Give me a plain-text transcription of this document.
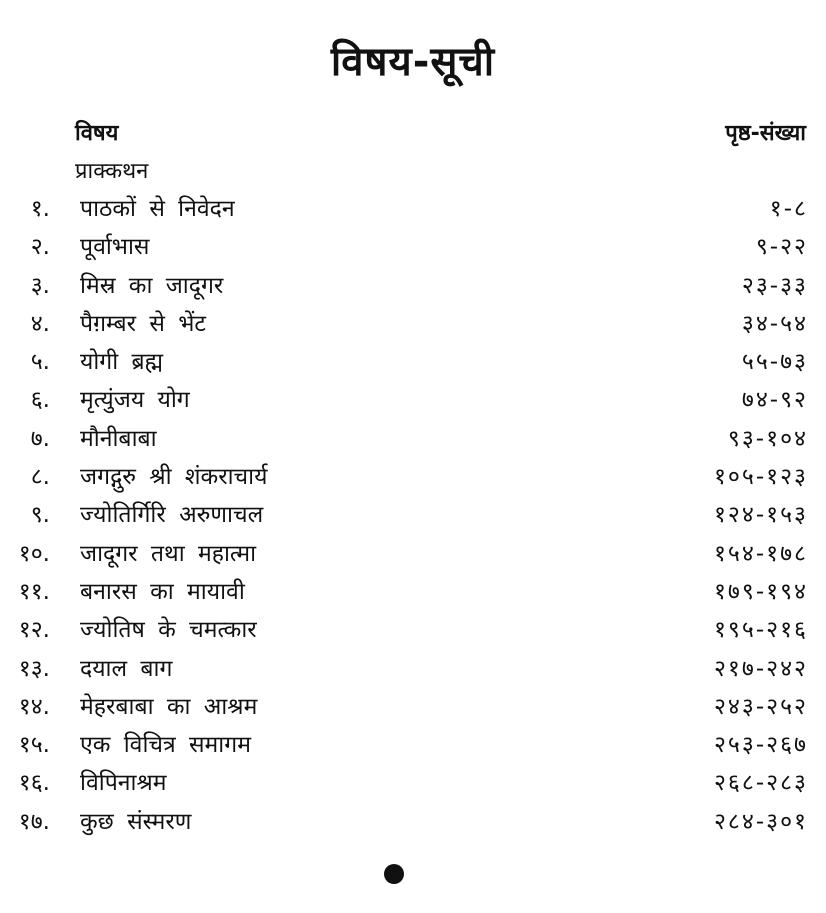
विषय-सूची
विषय	पृष्ठ-संख्या
प्राक्कथन
१. पाठकों से निवेदन	१-८
२. पूर्वाभास	९-२२
३. मिस्र का जादूगर	२३-३३
४. पैग़म्बर से भेंट	३४-५४
५. योगी ब्रह्म	५५-७३
६. मृत्युंजय योग	७४-९२
७. मौनीबाबा	९३-१०४
८. जगद्गुरु श्री शंकराचार्य	१०५-१२३
९. ज्योतिर्गिरि अरुणाचल	१२४-१५३
१०. जादूगर तथा महात्मा	१५४-१७८
११. बनारस का मायावी	१७९-१९४
१२. ज्योतिष के चमत्कार	१९५-२१६
१३. दयाल बाग	२१७-२४२
१४. मेहरबाबा का आश्रम	२४३-२५२
१५. एक विचित्र समागम	२५३-२६७
१६. विपिनाश्रम	२६८-२८३
१७. कुछ संस्मरण	२८४-३०१
